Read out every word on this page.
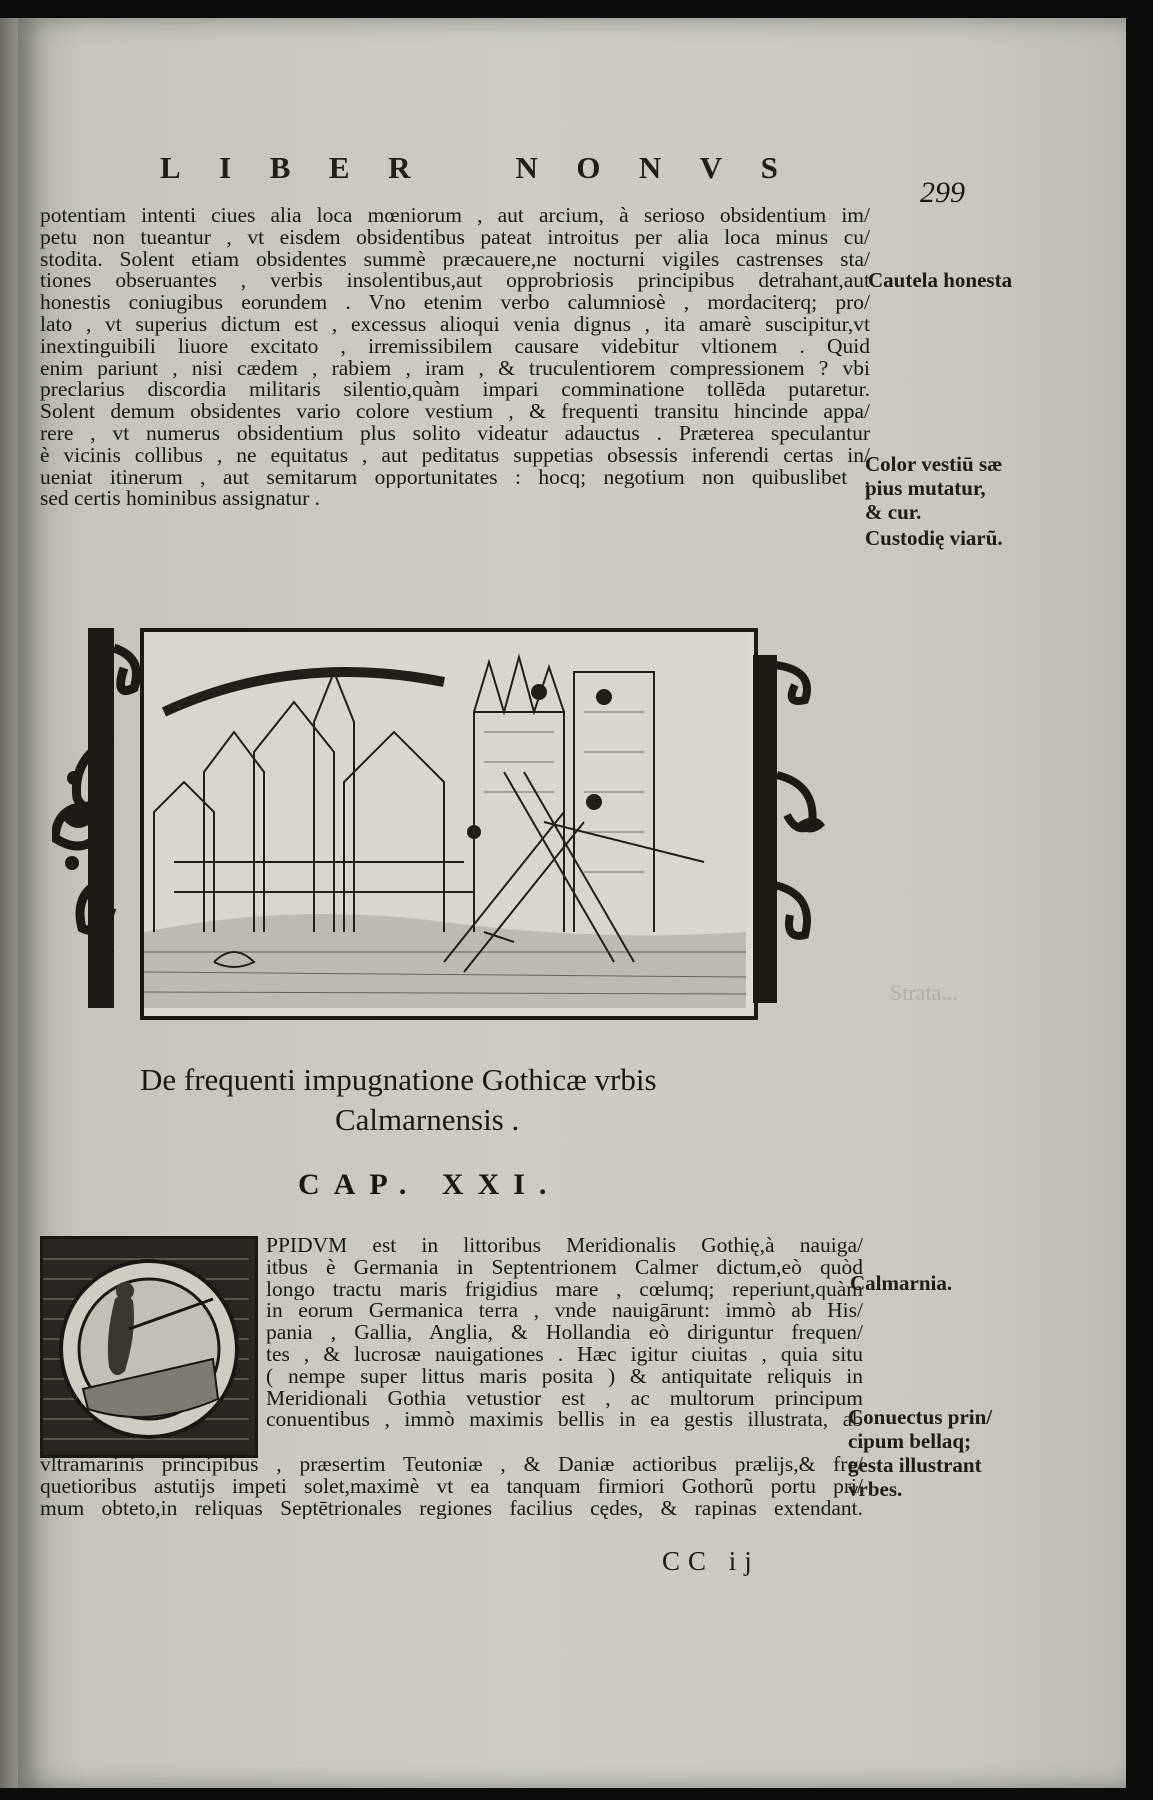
Strata...
L I B E R	N O N V S
299
potentiam intenti ciues alia loca mœniorum , aut arcium, à serioso obsidentium im/
petu non tueantur , vt eisdem obsidentibus pateat introitus per alia loca minus cu/
stodita. Solent etiam obsidentes summè præcauere,ne nocturni vigiles castrenses sta/
tiones obseruantes , verbis insolentibus,aut opprobriosis principibus detrahant,aut
honestis coniugibus eorundem . Vno etenim verbo calumniosè , mordaciterq; pro/
lato , vt superius dictum est , excessus alioqui venia dignus , ita amarè suscipitur,vt
inextinguibili liuore excitato , irremissibilem causare videbitur vltionem . Quid
enim pariunt , nisi cædem , rabiem , iram , & truculentiorem compressionem ? vbi
preclarius discordia militaris silentio,quàm impari comminatione tollēda putaretur.
Solent demum obsidentes vario colore vestium , & frequenti transitu hincinde appa/
rere , vt numerus obsidentium plus solito videatur adauctus . Præterea speculantur
è vicinis collibus , ne equitatus , aut peditatus suppetias obsessis inferendi certas in/
ueniat itinerum , aut semitarum opportunitates : hocq; negotium non quibuslibet ,
sed certis hominibus assignatur .
Cautela honesta
Color vestiū sæ
pius mutatur,
& cur.
Custodię viarũ.
De frequenti impugnatione Gothicæ vrbis
Calmarnensis .
CAP. XXI.
PPIDVM est in littoribus Meridionalis Gothię,à nauiga/
itbus è Germania in Septentrionem Calmer dictum,eò quòd
longo tractu maris frigidius mare , cœlumq; reperiunt,quàm
in eorum Germanica terra , vnde nauigārunt: immò ab His/
pania , Gallia, Anglia, & Hollandia eò diriguntur frequen/
tes , & lucrosæ nauigationes . Hæc igitur ciuitas , quia situ
( nempe super littus maris posita ) & antiquitate reliquis in
Meridionali Gothia vetustior est , ac multorum principum
conuentibus , immò maximis bellis in ea gestis illustrata, ab
vltramarinis principibus , præsertim Teutoniæ , & Daniæ actioribus prælijs,& fre/
quetioribus astutijs impeti solet,maximè vt ea tanquam firmiori Gothorũ portu pri/
mum obteto,in reliquas Septētrionales regiones facilius cędes, & rapinas extendant.
Calmarnia.
Conuectus prin/
cipum bellaq;
gesta illustrant
vrbes.
CC ij
